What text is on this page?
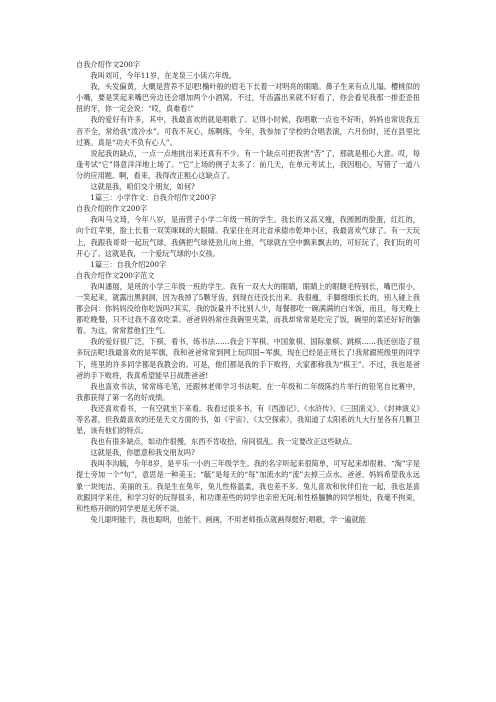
自我介绍作文200字

我叫刘可，今年11岁，在龙泉三小读六年级。

我，头发偏黄，大概是营养不足吧!椭叶般的眉毛下长着一对明亮的眼睛。鼻子生来有点儿塌。樱桃似的小嘴，要是笑起来嘴巴旁边还会增加两个小酒窝。不过，牙齿露出来就不好看了，你会看见我那一排歪歪扭扭的牙，你一定会说：“哎，真难看!”

我的爱好有许多，其中，我最喜欢的就是唱歌了。记得小时候，我唱歌一点也不好听，妈妈也常说我五音不全，常给我“泼冷水”。可我不灰心，练啊练，今年，我参加了学校的合唱表演，六月份时，还在县里比过赛。真是“功夫不负有心人”。

说起我的缺点，一点一点地挑出来还真有不少。有一个缺点可把我害“苦”了，那就是粗心大意。哎，每逢考试“它”得意洋洋地上场了。“它”上场的例子太多了：前几天，在单元考试上，我因粗心，写错了一道八分的应用题。啊，看来，我得改正粗心这缺点了。

这就是我，咱们交个朋友，如何?

1篇三：小学作文：自我介绍作文200字

自我介绍的作文200字

我叫马文琦，今年八岁，是南营子小学二年级一班的学生。我长的又高又瘦，我圆圆的脸蛋，红红的，向个红苹果，脸上长着一双笑咪咪的大眼睛。我家住在河北省承德市乾坤小区，我最喜欢气球了。有一天玩上，我跟我哥哥一起玩气球，我俩把气球使劲儿向上推，气球就在空中飘来飘去的，可好玩了，我们玩的可开心了。这就是我，一个爱玩气球的小女孩。

1篇三：自我介绍200字

自我介绍作文200字范文

我叫潘展，是班的小学三年级一班的学生。我有一双大大的眼睛，眼睛上的眼睫毛特别长，嘴巴很小，一笑起来，就露出黑洞洞，因为我掉了5颗牙齿，到现在还没长出来。我很瘦，手脚细细长长的，别人碰上我都会问：你妈妈没给你吃饭吗?其实，我的饭量并不比别人少，每餐都吃一碗满满的白米饭，而且，每天晚上都吃晚餐，只不过我不喜欢吃菜。爸爸妈妈常往我碗里夹菜，而我却常常是吃完了饭，碗里的菜还好好的躺着。为这，常常惹他们生气。

我的爱好很广泛，下棋，看书，练书法……我会下军棋、中国象棋、国际象棋、跳棋……我还创造了很多玩法呢!我最喜欢的是军旗，我和爸爸常常到网上玩四国~军旗，现在已经是正班长了!我常跟班级里的同学下，班里的许多同学都是我教会的。可是，他们都是我的手下败将，大家都称我为“棋王”。不过，我也是爸爸的手下败将，我真希望能早日战胜爸爸!

我也喜欢书法，常常练毛笔，还跟林老师学习书法呢。在一年级和二年级陈约片举行的铅笔自比赛中，我都获得了第一名的好成绩。

我还喜欢看书，一有空就坐下来看。我看过很多书，有《西游记》、《水浒传》、《三国演义》、《封神演义》等名著，但我最喜欢的还是天文方面的书，如《宇宙》、《太空探索》，我知道了太阳系的九大行星各有几颗卫星，该有他们的特点。

我也有很多缺点，如动作很慢，东西不肯收拾，房间很乱。我一定要改正这些缺点。

这就是我，你愿意和我交朋友吗?

我叫李沟毓，今年8岁，是平乐一小的三年级学生。我的名字听起来很简单，可写起来却很难。“淘”字是提土旁加一个“句”，意思是一种美玉；“毓”是每天的“每”加流水的“流”去掉三点水。爸爸、妈妈希望我永远象一块纯洁、美丽的玉。我是生在兔年，兔儿性格温柔，我也差不多。兔儿喜欢和伙伴们在一起，我也是喜欢跟同学来往，和学习好的玩得很多，和功课差些的同学也亲密无间;和性格腼腆的同学相处，我毫不拘束，和性格开朗的同学更是无所不谈。

兔儿聪明能干，我也聪明，也能干。画画，不用老师指点就画得挺好;唱歌，学一遍就能
